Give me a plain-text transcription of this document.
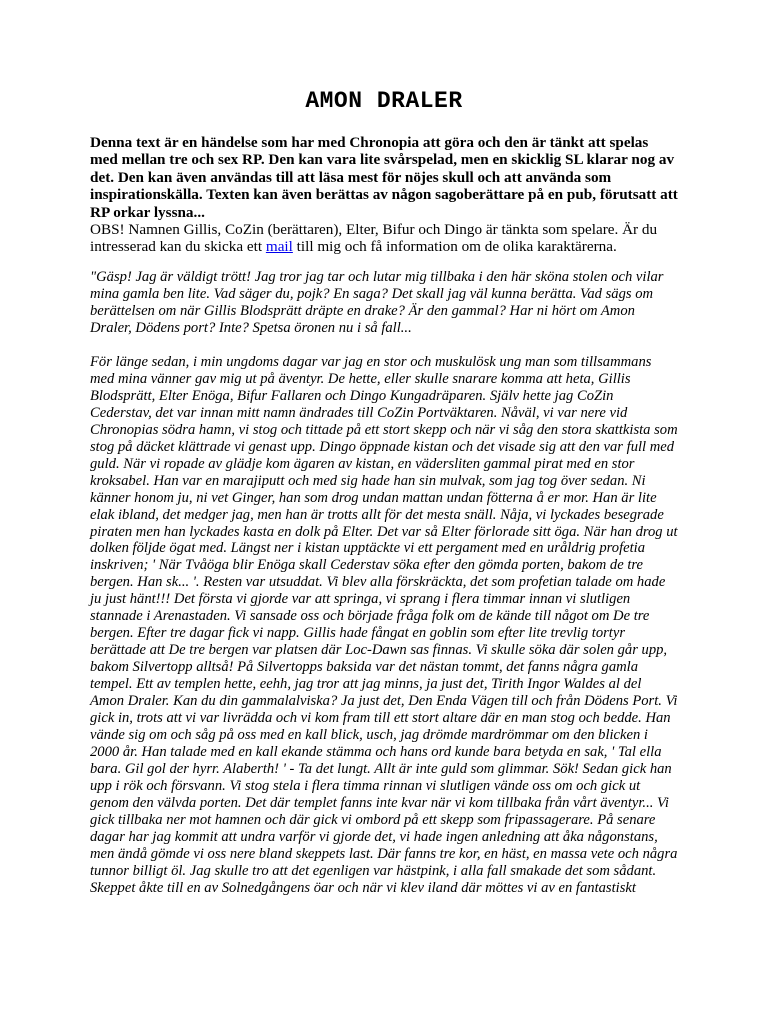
AMON DRALER
Denna text är en händelse som har med Chronopia att göra och den är tänkt att spelas med mellan tre och sex RP. Den kan vara lite svårspelad, men en skicklig SL klarar nog av det. Den kan även användas till att läsa mest för nöjes skull och att använda som inspirationskälla. Texten kan även berättas av någon sagoberättare på en pub, förutsatt att RP orkar lyssna...
OBS! Namnen Gillis, CoZin (berättaren), Elter, Bifur och Dingo är tänkta som spelare. Är du intresserad kan du skicka ett mail till mig och få information om de olika karaktärerna.

"Gäsp! Jag är väldigt trött! Jag tror jag tar och lutar mig tillbaka i den här sköna stolen och vilar mina gamla ben lite. Vad säger du, pojk? En saga? Det skall jag väl kunna berätta. Vad sägs om berättelsen om när Gillis Blodsprätt dräpte en drake? Är den gammal? Har ni hört om Amon Draler, Dödens port? Inte? Spetsa öronen nu i så fall...

För länge sedan, i min ungdoms dagar var jag en stor och muskulösk ung man som tillsammans med mina vänner gav mig ut på äventyr. De hette, eller skulle snarare komma att heta, Gillis Blodsprätt, Elter Enöga, Bifur Fallaren och Dingo Kungadräparen. Själv hette jag CoZin Cederstav, det var innan mitt namn ändrades till CoZin Portväktaren. Nåväl, vi var nere vid Chronopias södra hamn, vi stog och tittade på ett stort skepp och när vi såg den stora skattkista som stog på däcket klättrade vi genast upp. Dingo öppnade kistan och det visade sig att den var full med guld. När vi ropade av glädje kom ägaren av kistan, en vädersliten gammal pirat med en stor kroksabel. Han var en marajiputt och med sig hade han sin mulvak, som jag tog över sedan. Ni känner honom ju, ni vet Ginger, han som drog undan mattan undan fötterna å er mor. Han är lite elak ibland, det medger jag, men han är trotts allt för det mesta snäll. Nåja, vi lyckades besegrade piraten men han lyckades kasta en dolk på Elter. Det var så Elter förlorade sitt öga. När han drog ut dolken följde ögat med. Längst ner i kistan upptäckte vi ett pergament med en uråldrig profetia inskriven; ' När Tvåöga blir Enöga skall Cederstav söka efter den gömda porten, bakom de tre bergen. Han sk... '. Resten var utsuddat. Vi blev alla förskräckta, det som profetian talade om hade ju just hänt!!! Det första vi gjorde var att springa, vi sprang i flera timmar innan vi slutligen stannade i Arenastaden. Vi sansade oss och började fråga folk om de kände till något om De tre bergen. Efter tre dagar fick vi napp. Gillis hade fångat en goblin som efter lite trevlig tortyr berättade att De tre bergen var platsen där Loc-Dawn sas finnas. Vi skulle söka där solen går upp, bakom Silvertopp alltså! På Silvertopps baksida var det nästan tommt, det fanns några gamla tempel. Ett av templen hette, eehh, jag tror att jag minns, ja just det, Tirith Ingor Waldes al del Amon Draler. Kan du din gammalalviska? Ja just det, Den Enda Vägen till och från Dödens Port. Vi gick in, trots att vi var livrädda och vi kom fram till ett stort altare där en man stog och bedde. Han vände sig om och såg på oss med en kall blick, usch, jag drömde mardrömmar om den blicken i 2000 år. Han talade med en kall ekande stämma och hans ord kunde bara betyda en sak, ' Tal ella bara. Gil gol der hyrr. Alaberth! ' - Ta det lungt. Allt är inte guld som glimmar. Sök! Sedan gick han upp i rök och försvann. Vi stog stela i flera timma rinnan vi slutligen vände oss om och gick ut genom den välvda porten. Det där templet fanns inte kvar när vi kom tillbaka från vårt äventyr... Vi gick tillbaka ner mot hamnen och där gick vi ombord på ett skepp som fripassagerare. På senare dagar har jag kommit att undra varför vi gjorde det, vi hade ingen anledning att åka någonstans, men ändå gömde vi oss nere bland skeppets last. Där fanns tre kor, en häst, en massa vete och några tunnor billigt öl. Jag skulle tro att det egenligen var hästpink, i alla fall smakade det som sådant. Skeppet åkte till en av Solnedgångens öar och när vi klev iland där möttes vi av en fantastiskt
